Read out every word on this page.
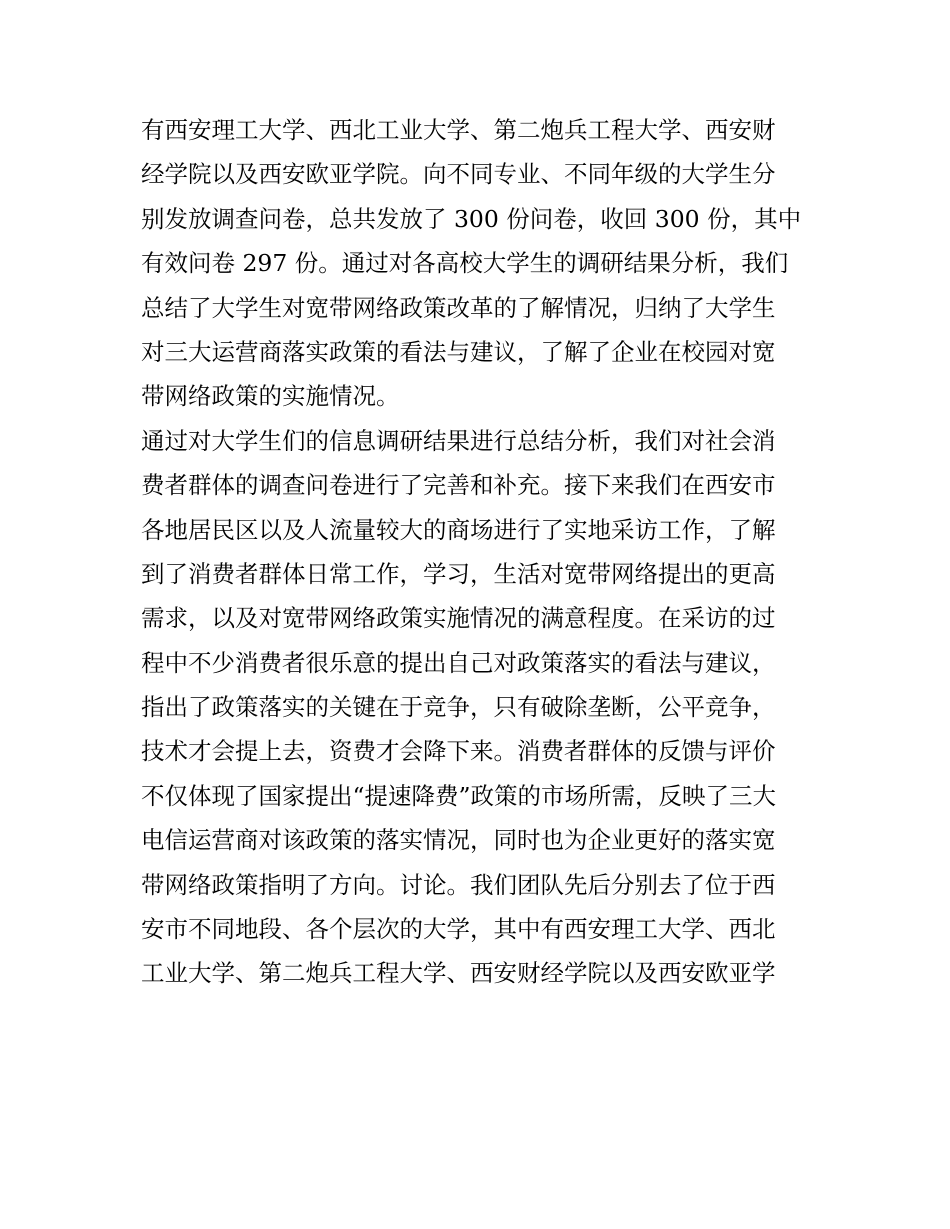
有西安理工大学、西北工业大学、第二炮兵工程大学、西安财
经学院以及西安欧亚学院。向不同专业、不同年级的大学生分
别发放调查问卷，总共发放了 300 份问卷，收回 300 份，其中
有效问卷 297 份。通过对各高校大学生的调研结果分析，我们
总结了大学生对宽带网络政策改革的了解情况，归纳了大学生
对三大运营商落实政策的看法与建议，了解了企业在校园对宽
带网络政策的实施情况。
通过对大学生们的信息调研结果进行总结分析，我们对社会消
费者群体的调查问卷进行了完善和补充。接下来我们在西安市
各地居民区以及人流量较大的商场进行了实地采访工作，了解
到了消费者群体日常工作，学习，生活对宽带网络提出的更高
需求，以及对宽带网络政策实施情况的满意程度。在采访的过
程中不少消费者很乐意的提出自己对政策落实的看法与建议，
指出了政策落实的关键在于竞争，只有破除垄断，公平竞争，
技术才会提上去，资费才会降下来。消费者群体的反馈与评价
不仅体现了国家提出“提速降费”政策的市场所需，反映了三大
电信运营商对该政策的落实情况，同时也为企业更好的落实宽
带网络政策指明了方向。讨论。我们团队先后分别去了位于西
安市不同地段、各个层次的大学，其中有西安理工大学、西北
工业大学、第二炮兵工程大学、西安财经学院以及西安欧亚学
